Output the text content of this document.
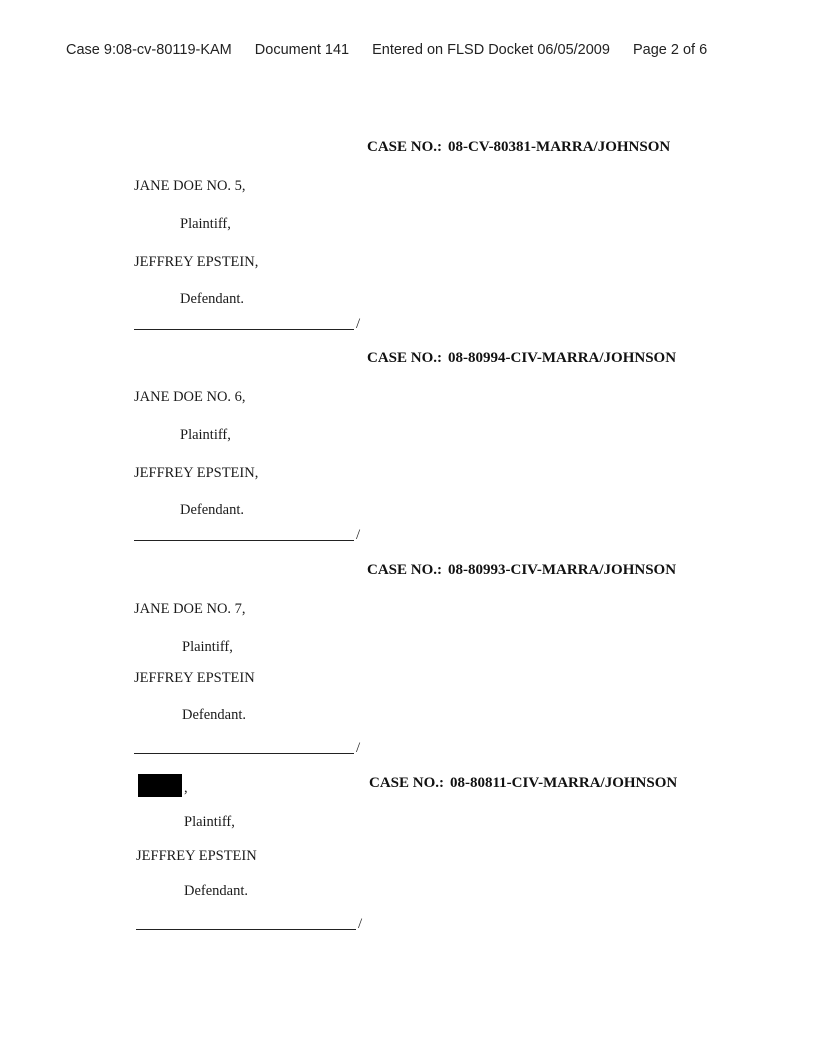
Case 9:08-cv-80119-KAM Document 141 Entered on FLSD Docket 06/05/2009 Page 2 of 6
CASE NO.: 08-CV-80381-MARRA/JOHNSON
JANE DOE NO. 5,
Plaintiff,
JEFFREY EPSTEIN,
Defendant.
/
CASE NO.: 08-80994-CIV-MARRA/JOHNSON
JANE DOE NO. 6,
Plaintiff,
JEFFREY EPSTEIN,
Defendant.
/
CASE NO.: 08-80993-CIV-MARRA/JOHNSON
JANE DOE NO. 7,
Plaintiff,
JEFFREY EPSTEIN
Defendant.
/
,	CASE NO.: 08-80811-CIV-MARRA/JOHNSON
Plaintiff,
JEFFREY EPSTEIN
Defendant.
/
